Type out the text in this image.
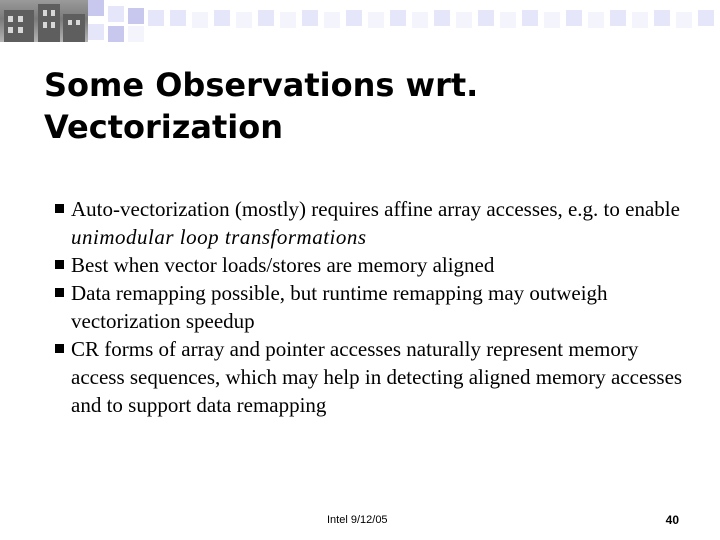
Some Observations wrt. Vectorization
Auto-vectorization (mostly) requires affine array accesses, e.g. to enable unimodular loop transformations
Best when vector loads/stores are memory aligned
Data remapping possible, but runtime remapping may outweigh vectorization speedup
CR forms of array and pointer accesses naturally represent memory access sequences, which may help in detecting aligned memory accesses and to support data remapping
Intel 9/12/05	40
